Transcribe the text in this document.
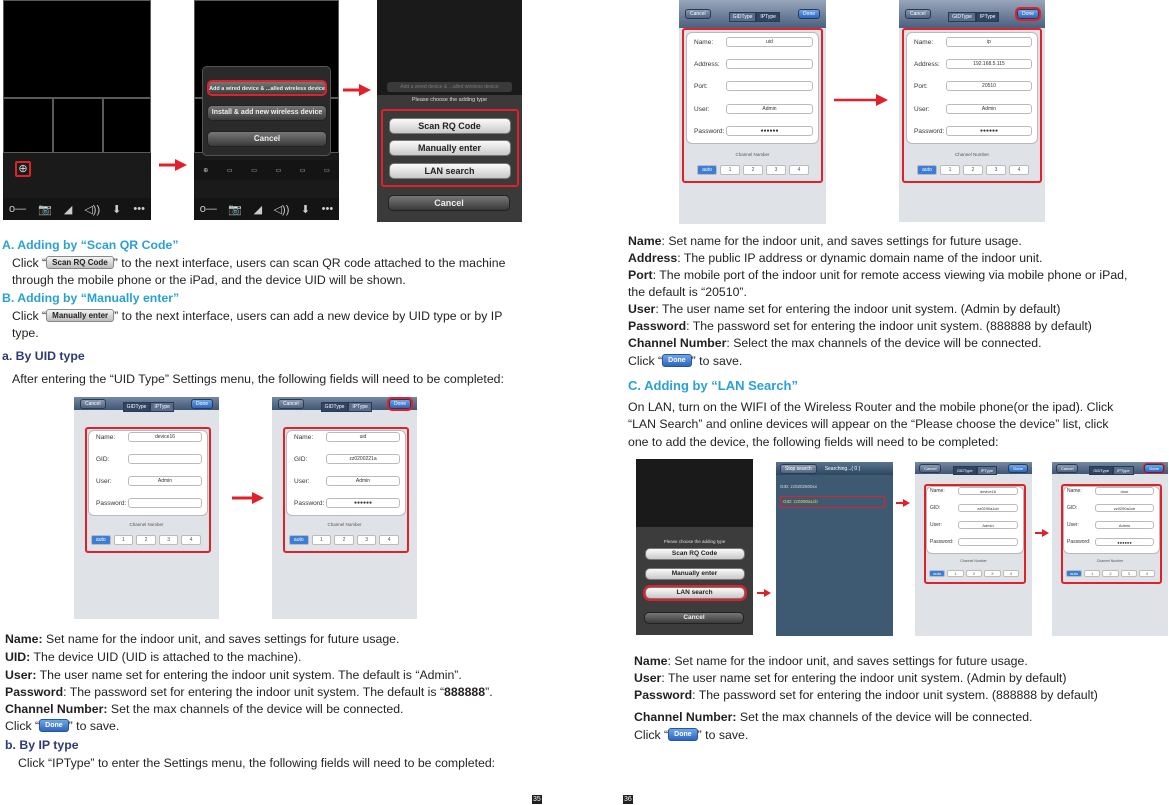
⊕
o— 📷 ◢ ◁)) ⬇ •••
Add a wired device & ...alled wireless device
Install & add new wireless device
Cancel
⊕	▭	▭	▭	▭	▭
o— 📷 ◢ ◁)) ⬇ •••
Add a wired device & ...alled wireless device
Please choose the adding type
Scan RQ Code
Manually enter
LAN search
Cancel
A. Adding by “Scan QR Code”
Click “ Scan RQ Code ” to the next interface, users can scan QR code attached to the machine
through the mobile phone or the iPad, and the device UID will be shown.
B. Adding by “Manually enter”
Click “ Manually enter ” to the next interface, users can add a new device by UID type or by IP
type.
a. By UID type
After entering the “UID Type” Settings menu, the following fields will need to be completed:
Cancel	GIDType IPType	Done
Name:	device16
GID:
User:	Admin
Password:
Channel Number
auto	1	2	3	4
Cancel	GIDType IPType	Done
Name:	uid
GID:	zz0200221a
User:	Admin
Password:	●●●●●●
Channel Number
auto	1	2	3	4
Name: Set name for the indoor unit, and saves settings for future usage.
UID: The device UID (UID is attached to the machine).
User: The user name set for entering the indoor unit system. The default is “Admin”.
Password: The password set for entering the indoor unit system. The default is “888888”.
Channel Number: Set the max channels of the device will be connected.
Click “ Done ” to save.
b. By IP type
Click “IPType” to enter the Settings menu, the following fields will need to be completed:
35
Cancel	GIDType IPType	Done
Name:	uid
Address:
Port:
User:	Admin
Password:	●●●●●●
Channel Number
auto	1	2	3	4
Cancel	GIDType IPType	Done
Name:	ip
Address:	192.168.5.115
Port:	20510
User:	Admin
Password:	●●●●●●
Channel Number
auto	1	2	3	4
Name: Set name for the indoor unit, and saves settings for future usage.
Address: The public IP address or dynamic domain name of the indoor unit.
Port: The mobile port of the indoor unit for remote access viewing via mobile phone or iPad,
the default is “20510”.
User: The user name set for entering the indoor unit system. (Admin by default)
Password: The password set for entering the indoor unit system. (888888 by default)
Channel Number: Select the max channels of the device will be connected.
Click “ Done ” to save.
C. Adding by “LAN Search”
On LAN, turn on the WIFI of the Wireless Router and the mobile phone(or the ipad). Click
“LAN Search” and online devices will appear on the “Please choose the device” list, click
one to add the device, the following fields will need to be completed:
Please choose the adding type
Scan RQ Code
Manually enter
LAN search
Cancel
Stop search	Searching...( 0 )
GID: zz0202500xx
GID: zz0290a1cb
Cancel	GIDType IPType	Done
Name:	device16
GID:	zz0290a1cb
User:	Admin
Password:
Channel Number
auto	1	2	3	4
Cancel	GIDType IPType	Done
Name:	door
GID:	zz0290a1cb
User:	Admin
Password:	●●●●●●
Channel Number
auto	1	2	3	4
Name: Set name for the indoor unit, and saves settings for future usage.
User: The user name set for entering the indoor unit system. (Admin by default)
Password: The password set for entering the indoor unit system. (888888 by default)
Channel Number: Set the max channels of the device will be connected.
Click “ Done ” to save.
36
